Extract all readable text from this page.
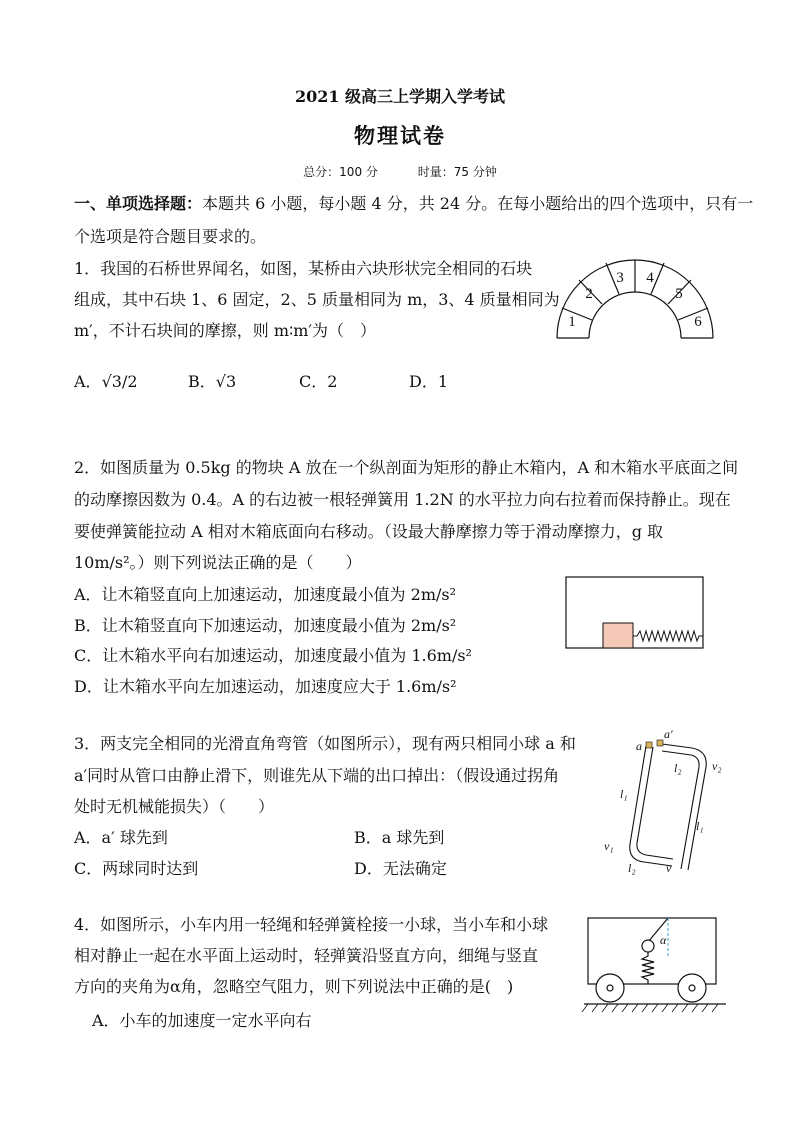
2021 级高三上学期入学考试
物理试卷
总分：100 分	时量：75 分钟
一、单项选择题：本题共 6 小题，每小题 4 分，共 24 分。在每小题给出的四个选项中，只有一
个选项是符合题目要求的。
1．我国的石桥世界闻名，如图，某桥由六块形状完全相同的石块
组成，其中石块 1、6 固定，2、5 质量相同为 m，3、4 质量相同为
m′，不计石块间的摩擦，则 m∶m′为（　）
A．√3/2	B．√3	C．2	D．1
1
2
3 4
5
6
2．如图质量为 0.5kg 的物块 A 放在一个纵剖面为矩形的静止木箱内，A 和木箱水平底面之间
的动摩擦因数为 0.4。A 的右边被一根轻弹簧用 1.2N 的水平拉力向右拉着而保持静止。现在
要使弹簧能拉动 A 相对木箱底面向右移动。（设最大静摩擦力等于滑动摩擦力，g 取
10m/s²。）则下列说法正确的是（　　）
A．让木箱竖直向上加速运动，加速度最小值为 2m/s²
B．让木箱竖直向下加速运动，加速度最小值为 2m/s²
C．让木箱水平向右加速运动，加速度最小值为 1.6m/s²
D．让木箱水平向左加速运动，加速度应大于 1.6m/s²
3．两支完全相同的光滑直角弯管（如图所示），现有两只相同小球 a 和
a′同时从管口由静止滑下，则谁先从下端的出口掉出：（假设通过拐角
处时无机械能损失）（　　）
A．a′ 球先到	B．a 球先到
C．两球同时达到	D．无法确定
a
a′
l₂	v₂
l₁
l₁
v₁
l₂	v
4．如图所示，小车内用一轻绳和轻弹簧栓接一小球，当小车和小球
相对静止一起在水平面上运动时，轻弹簧沿竖直方向，细绳与竖直
方向的夹角为α角，忽略空气阻力，则下列说法中正确的是(　)
A．小车的加速度一定水平向右
α
